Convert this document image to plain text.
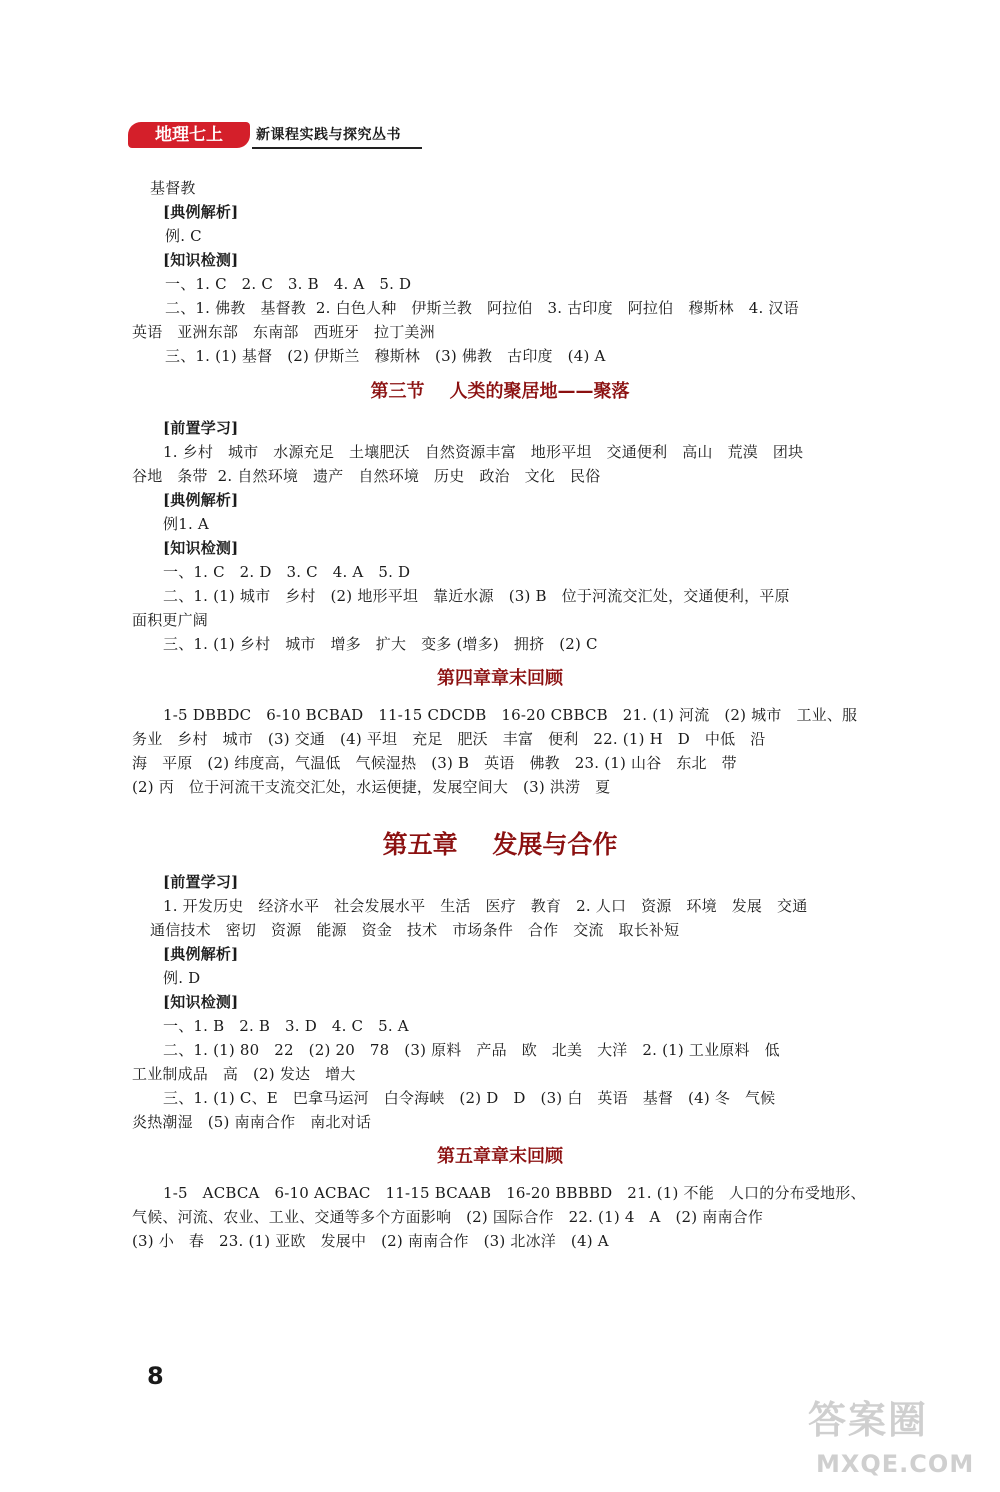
地理七上	新课程实践与探究丛书
基督教
[典例解析]
例. C
[知识检测]
一、1. C   2. C   3. B   4. A   5. D
二、1. 佛教   基督教  2. 白色人种   伊斯兰教   阿拉伯   3. 古印度   阿拉伯   穆斯林   4. 汉语
英语   亚洲东部   东南部   西班牙   拉丁美洲
三、1. (1) 基督   (2) 伊斯兰   穆斯林   (3) 佛教   古印度   (4) A
[前置学习]
1. 乡村   城市   水源充足   土壤肥沃   自然资源丰富   地形平坦   交通便利   高山   荒漠   团块
谷地   条带  2. 自然环境   遗产   自然环境   历史   政治   文化   民俗
[典例解析]
例1. A
[知识检测]
一、1. C   2. D   3. C   4. A   5. D
二、1. (1) 城市   乡村   (2) 地形平坦   靠近水源   (3) B   位于河流交汇处，交通便利，平原
面积更广阔
三、1. (1) 乡村   城市   增多   扩大   变多 (增多)   拥挤   (2) C
1-5 DBBDC   6-10 BCBAD   11-15 CDCDB   16-20 CBBCB   21. (1) 河流   (2) 城市   工业、服
务业   乡村   城市   (3) 交通   (4) 平坦   充足   肥沃   丰富   便利   22. (1) H   D   中低   沿
海   平原   (2) 纬度高，气温低   气候湿热   (3) B   英语   佛教   23. (1) 山谷   东北   带
(2) 丙   位于河流干支流交汇处，水运便捷，发展空间大   (3) 洪涝   夏
[前置学习]
1. 开发历史   经济水平   社会发展水平   生活   医疗   教育   2. 人口   资源   环境   发展   交通
通信技术   密切   资源   能源   资金   技术   市场条件   合作   交流   取长补短
[典例解析]
例. D
[知识检测]
一、1. B   2. B   3. D   4. C   5. A
二、1. (1) 80   22   (2) 20   78   (3) 原料   产品   欧   北美   大洋   2. (1) 工业原料   低
工业制成品   高   (2) 发达   增大
三、1. (1) C、E   巴拿马运河   白令海峡   (2) D   D   (3) 白   英语   基督   (4) 冬   气候
炎热潮湿   (5) 南南合作   南北对话
1-5   ACBCA   6-10 ACBAC   11-15 BCAAB   16-20 BBBBD   21. (1) 不能   人口的分布受地形、
气候、河流、农业、工业、交通等多个方面影响   (2) 国际合作   22. (1) 4   A   (2) 南南合作
(3) 小   春   23. (1) 亚欧   发展中   (2) 南南合作   (3) 北冰洋   (4) A
第三节    人类的聚居地——聚落
第四章章末回顾
第五章章末回顾
第五章    发展与合作
8
答案圈
MXQE.COM
